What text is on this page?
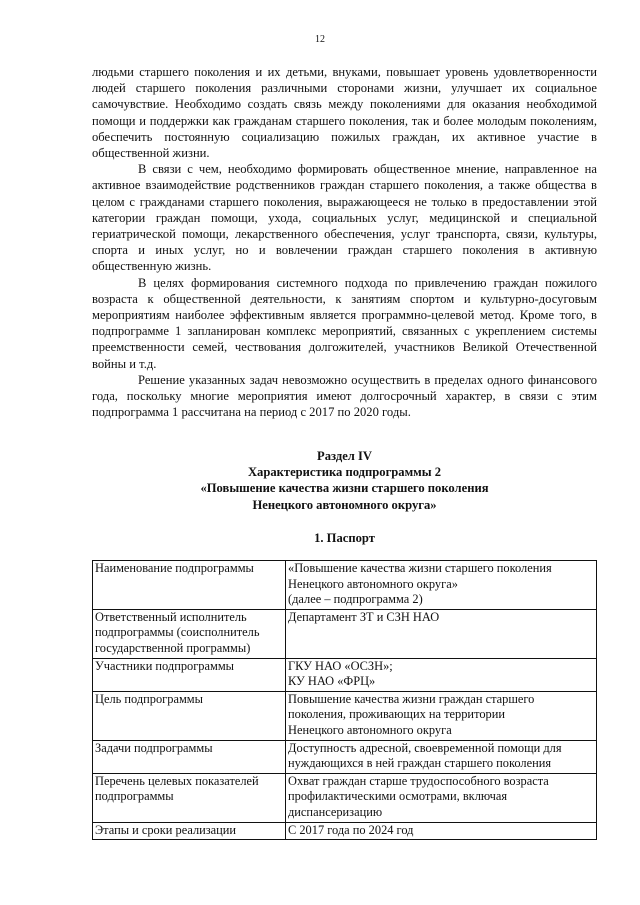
12

людьми старшего поколения и их детьми, внуками, повышает уровень удовлетворенности людей старшего поколения различными сторонами жизни, улучшает их социальное самочувствие. Необходимо создать связь между поколениями для оказания необходимой помощи и поддержки как гражданам старшего поколения, так и более молодым поколениям, обеспечить постоянную социализацию пожилых граждан, их активное участие в общественной жизни.

В связи с чем, необходимо формировать общественное мнение, направленное на активное взаимодействие родственников граждан старшего поколения, а также общества в целом с гражданами старшего поколения, выражающееся не только в предоставлении этой категории граждан помощи, ухода, социальных услуг, медицинской и специальной гериатрической помощи, лекарственного обеспечения, услуг транспорта, связи, культуры, спорта и иных услуг, но и вовлечении граждан старшего поколения в активную общественную жизнь.

В целях формирования системного подхода по привлечению граждан пожилого возраста к общественной деятельности, к занятиям спортом и культурно-досуговым мероприятиям наиболее эффективным является программно-целевой метод. Кроме того, в подпрограмме 1 запланирован комплекс мероприятий, связанных с укреплением системы преемственности семей, чествования долгожителей, участников Великой Отечественной войны и т.д.

Решение указанных задач невозможно осуществить в пределах одного финансового года, поскольку многие мероприятия имеют долгосрочный характер, в связи с этим подпрограмма 1 рассчитана на период с 2017 по 2020 годы.

Раздел IV
Характеристика подпрограммы 2
«Повышение качества жизни старшего поколения
Ненецкого автономного округа»
1. Паспорт
Наименование подпрограммы	«Повышение качества жизни старшего поколения
Ненецкого автономного округа»
(далее – подпрограмма 2)

Ответственный исполнитель
подпрограммы (соисполнитель
государственной программы)	Департамент ЗТ и СЗН НАО

Участники подпрограммы	ГКУ НАО «ОСЗН»;
КУ НАО «ФРЦ»

Цель подпрограммы	Повышение качества жизни граждан старшего
поколения, проживающих на территории
Ненецкого автономного округа

Задачи подпрограммы	Доступность адресной, своевременной помощи для
нуждающихся в ней граждан старшего поколения

Перечень целевых показателей
подпрограммы	Охват граждан старше трудоспособного возраста
профилактическими осмотрами, включая
диспансеризацию

Этапы и сроки реализации	С 2017 года по 2024 год
